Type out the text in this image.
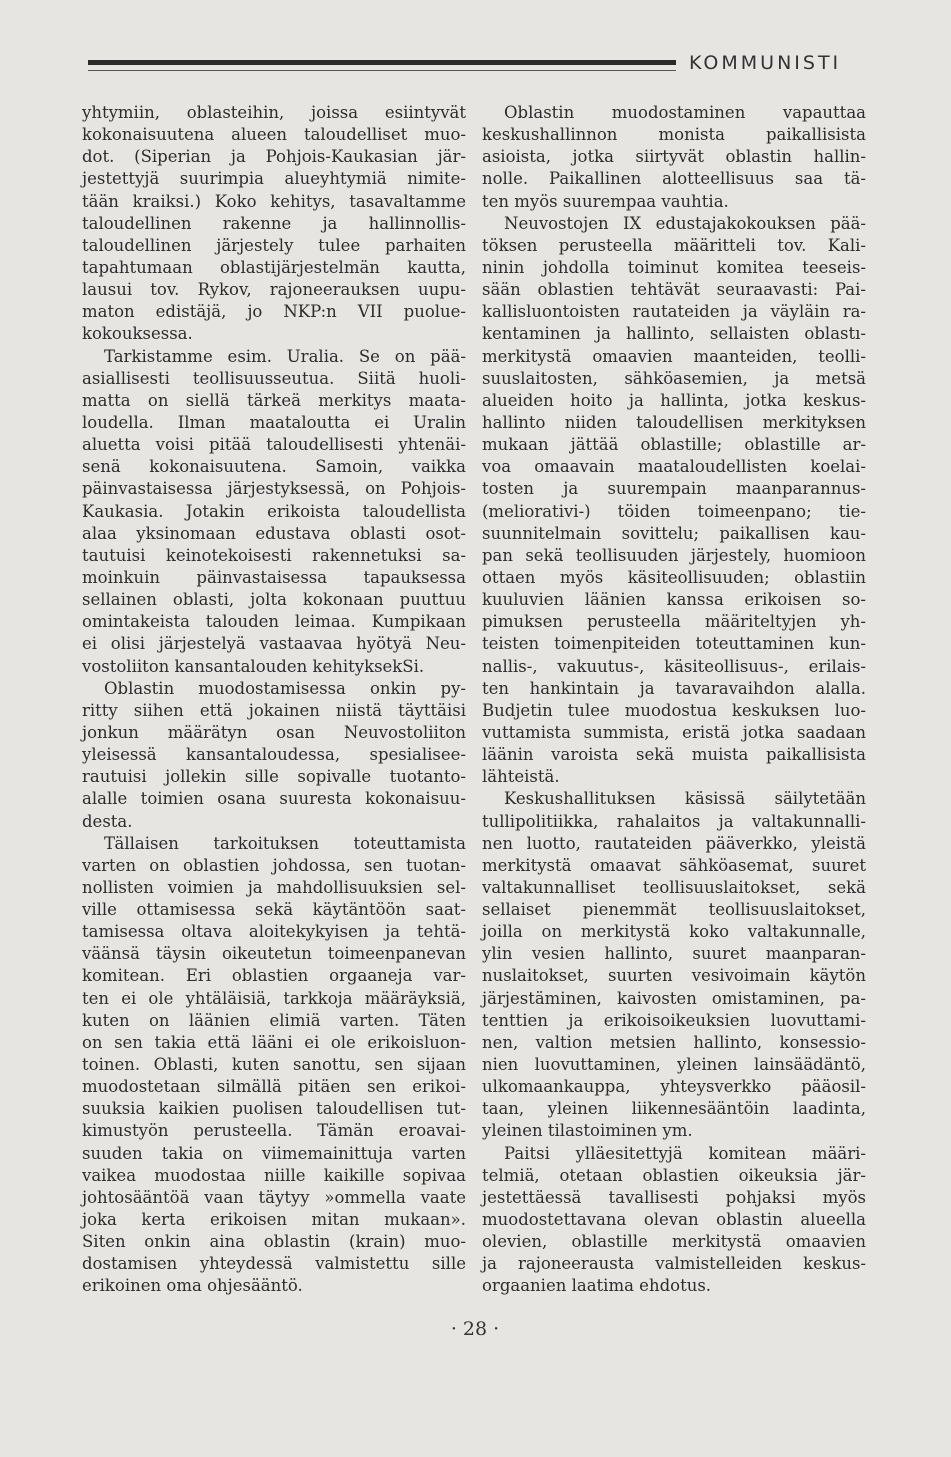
KOMMUNISTI
yhtymiin, oblasteihin, joissa esiintyvät
kokonaisuutena alueen taloudelliset muo-
dot. (Siperian ja Pohjois-Kaukasian jär-
jestettyjä suurimpia alueyhtymiä nimite-
tään kraiksi.) Koko kehitys, tasavaltamme
taloudellinen rakenne ja hallinnollis-
taloudellinen järjestely tulee parhaiten
tapahtumaan oblastijärjestelmän kautta,
lausui tov. Rykov, rajoneerauksen uupu-
maton edistäjä, jo NKP:n VII puolue-
kokouksessa.
Tarkistamme esim. Uralia. Se on pää-
asiallisesti teollisuusseutua. Siitä huoli-
matta on siellä tärkeä merkitys maata-
loudella. Ilman maataloutta ei Uralin
aluetta voisi pitää taloudellisesti yhtenäi-
senä kokonaisuutena. Samoin, vaikka
päinvastaisessa järjestyksessä, on Pohjois-
Kaukasia. Jotakin erikoista taloudellista
alaa yksinomaan edustava oblasti osot-
tautuisi keinotekoisesti rakennetuksi sa-
moinkuin päinvastaisessa tapauksessa
sellainen oblasti, jolta kokonaan puuttuu
omintakeista talouden leimaa. Kumpikaan
ei olisi järjestelyä vastaavaa hyötyä Neu-
vostoliiton kansantalouden kehityksekSi.
Oblastin muodostamisessa onkin py-
ritty siihen että jokainen niistä täyttäisi
jonkun määrätyn osan Neuvostoliiton
yleisessä kansantaloudessa, spesialisee-
rautuisi jollekin sille sopivalle tuotanto-
alalle toimien osana suuresta kokonaisuu-
desta.
Tällaisen tarkoituksen toteuttamista
varten on oblastien johdossa, sen tuotan-
nollisten voimien ja mahdollisuuksien sel-
ville ottamisessa sekä käytäntöön saat-
tamisessa oltava aloitekykyisen ja tehtä-
väänsä täysin oikeutetun toimeenpanevan
komitean. Eri oblastien orgaaneja var-
ten ei ole yhtäläisiä, tarkkoja määräyksiä,
kuten on läänien elimiä varten. Täten
on sen takia että lääni ei ole erikoisluon-
toinen. Oblasti, kuten sanottu, sen sijaan
muodostetaan silmällä pitäen sen erikoi-
suuksia kaikien puolisen taloudellisen tut-
kimustyön perusteella. Tämän eroavai-
suuden takia on viimemainittuja varten
vaikea muodostaa niille kaikille sopivaa
johtosääntöä vaan täytyy »ommella vaate
joka kerta erikoisen mitan mukaan».
Siten onkin aina oblastin (krain) muo-
dostamisen yhteydessä valmistettu sille
erikoinen oma ohjesääntö.
Oblastin muodostaminen vapauttaa
keskushallinnon monista paikallisista
asioista, jotka siirtyvät oblastin hallin-
nolle. Paikallinen alotteellisuus saa tä-
ten myös suurempaa vauhtia.
Neuvostojen IX edustajakokouksen pää-
töksen perusteella määritteli tov. Kali-
ninin johdolla toiminut komitea teeseis-
sään oblastien tehtävät seuraavasti: Pai-
kallisluontoisten rautateiden ja väyläin ra-
kentaminen ja hallinto, sellaisten oblastı-
merkitystä omaavien maanteiden, teolli-
suuslaitosten, sähköasemien, ja metsä
alueiden hoito ja hallinta, jotka keskus-
hallinto niiden taloudellisen merkityksen
mukaan jättää oblastille; oblastille ar-
voa omaavain maataloudellisten koelai-
tosten ja suurempain maanparannus-
(meliorativi-) töiden toimeenpano; tie-
suunnitelmain sovittelu; paikallisen kau-
pan sekä teollisuuden järjestely, huomioon
ottaen myös käsiteollisuuden; oblastiin
kuuluvien läänien kanssa erikoisen so-
pimuksen perusteella määriteltyjen yh-
teisten toimenpiteiden toteuttaminen kun-
nallis-, vakuutus-, käsiteollisuus-, erilais-
ten hankintain ja tavaravaihdon alalla.
Budjetin tulee muodostua keskuksen luo-
vuttamista summista, eristä jotka saadaan
läänin varoista sekä muista paikallisista
lähteistä.
Keskushallituksen käsissä säilytetään
tullipolitiikka, rahalaitos ja valtakunnalli-
nen luotto, rautateiden pääverkko, yleistä
merkitystä omaavat sähköasemat, suuret
valtakunnalliset teollisuuslaitokset, sekä
sellaiset pienemmät teollisuuslaitokset,
joilla on merkitystä koko valtakunnalle,
ylin vesien hallinto, suuret maanparan-
nuslaitokset, suurten vesivoimain käytön
järjestäminen, kaivosten omistaminen, pa-
tenttien ja erikoisoikeuksien luovuttami-
nen, valtion metsien hallinto, konsessio-
nien luovuttaminen, yleinen lainsäädäntö,
ulkomaankauppa, yhteysverkko pääosil-
taan, yleinen liikennesääntöin laadinta,
yleinen tilastoiminen ym.
Paitsi ylläesitettyjä komitean määri-
telmiä, otetaan oblastien oikeuksia jär-
jestettäessä tavallisesti pohjaksi myös
muodostettavana olevan oblastin alueella
olevien, oblastille merkitystä omaavien
ja rajoneerausta valmistelleiden keskus-
orgaanien laatima ehdotus.
· 28 ·
